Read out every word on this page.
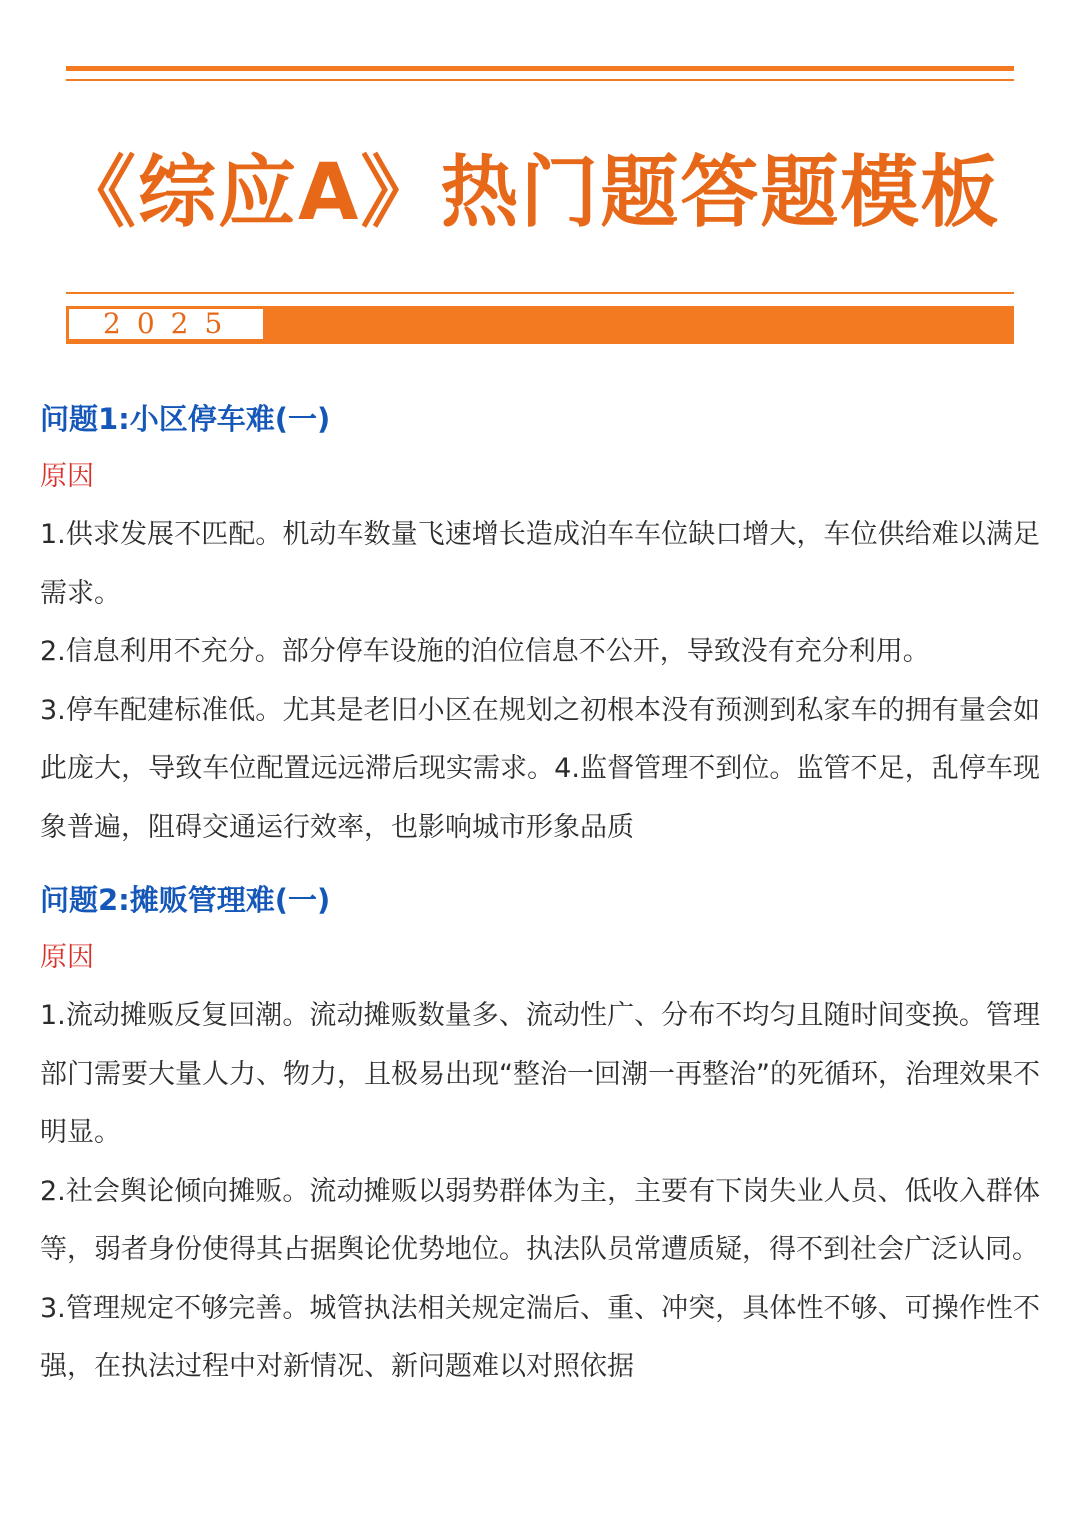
《综应A》热门题答题模板
2025
问题1:小区停车难(一)
原因

1.供求发展不匹配。机动车数量飞速增长造成泊车车位缺口增大，车位供给难以满足需求。

2.信息利用不充分。部分停车设施的泊位信息不公开，导致没有充分利用。

3.停车配建标准低。尤其是老旧小区在规划之初根本没有预测到私家车的拥有量会如此庞大，导致车位配置远远滞后现实需求。4.监督管理不到位。监管不足，乱停车现象普遍，阻碍交通运行效率，也影响城市形象品质

问题2:摊贩管理难(一)
原因

1.流动摊贩反复回潮。流动摊贩数量多、流动性广、分布不均匀且随时间变换。管理部门需要大量人力、物力，且极易出现“整治一回潮一再整治”的死循环，治理效果不明显。

2.社会舆论倾向摊贩。流动摊贩以弱势群体为主，主要有下岗失业人员、低收入群体等，弱者身份使得其占据舆论优势地位。执法队员常遭质疑，得不到社会广泛认同。

3.管理规定不够完善。城管执法相关规定湍后、重、冲突，具体性不够、可操作性不强，在执法过程中对新情况、新问题难以对照依据
